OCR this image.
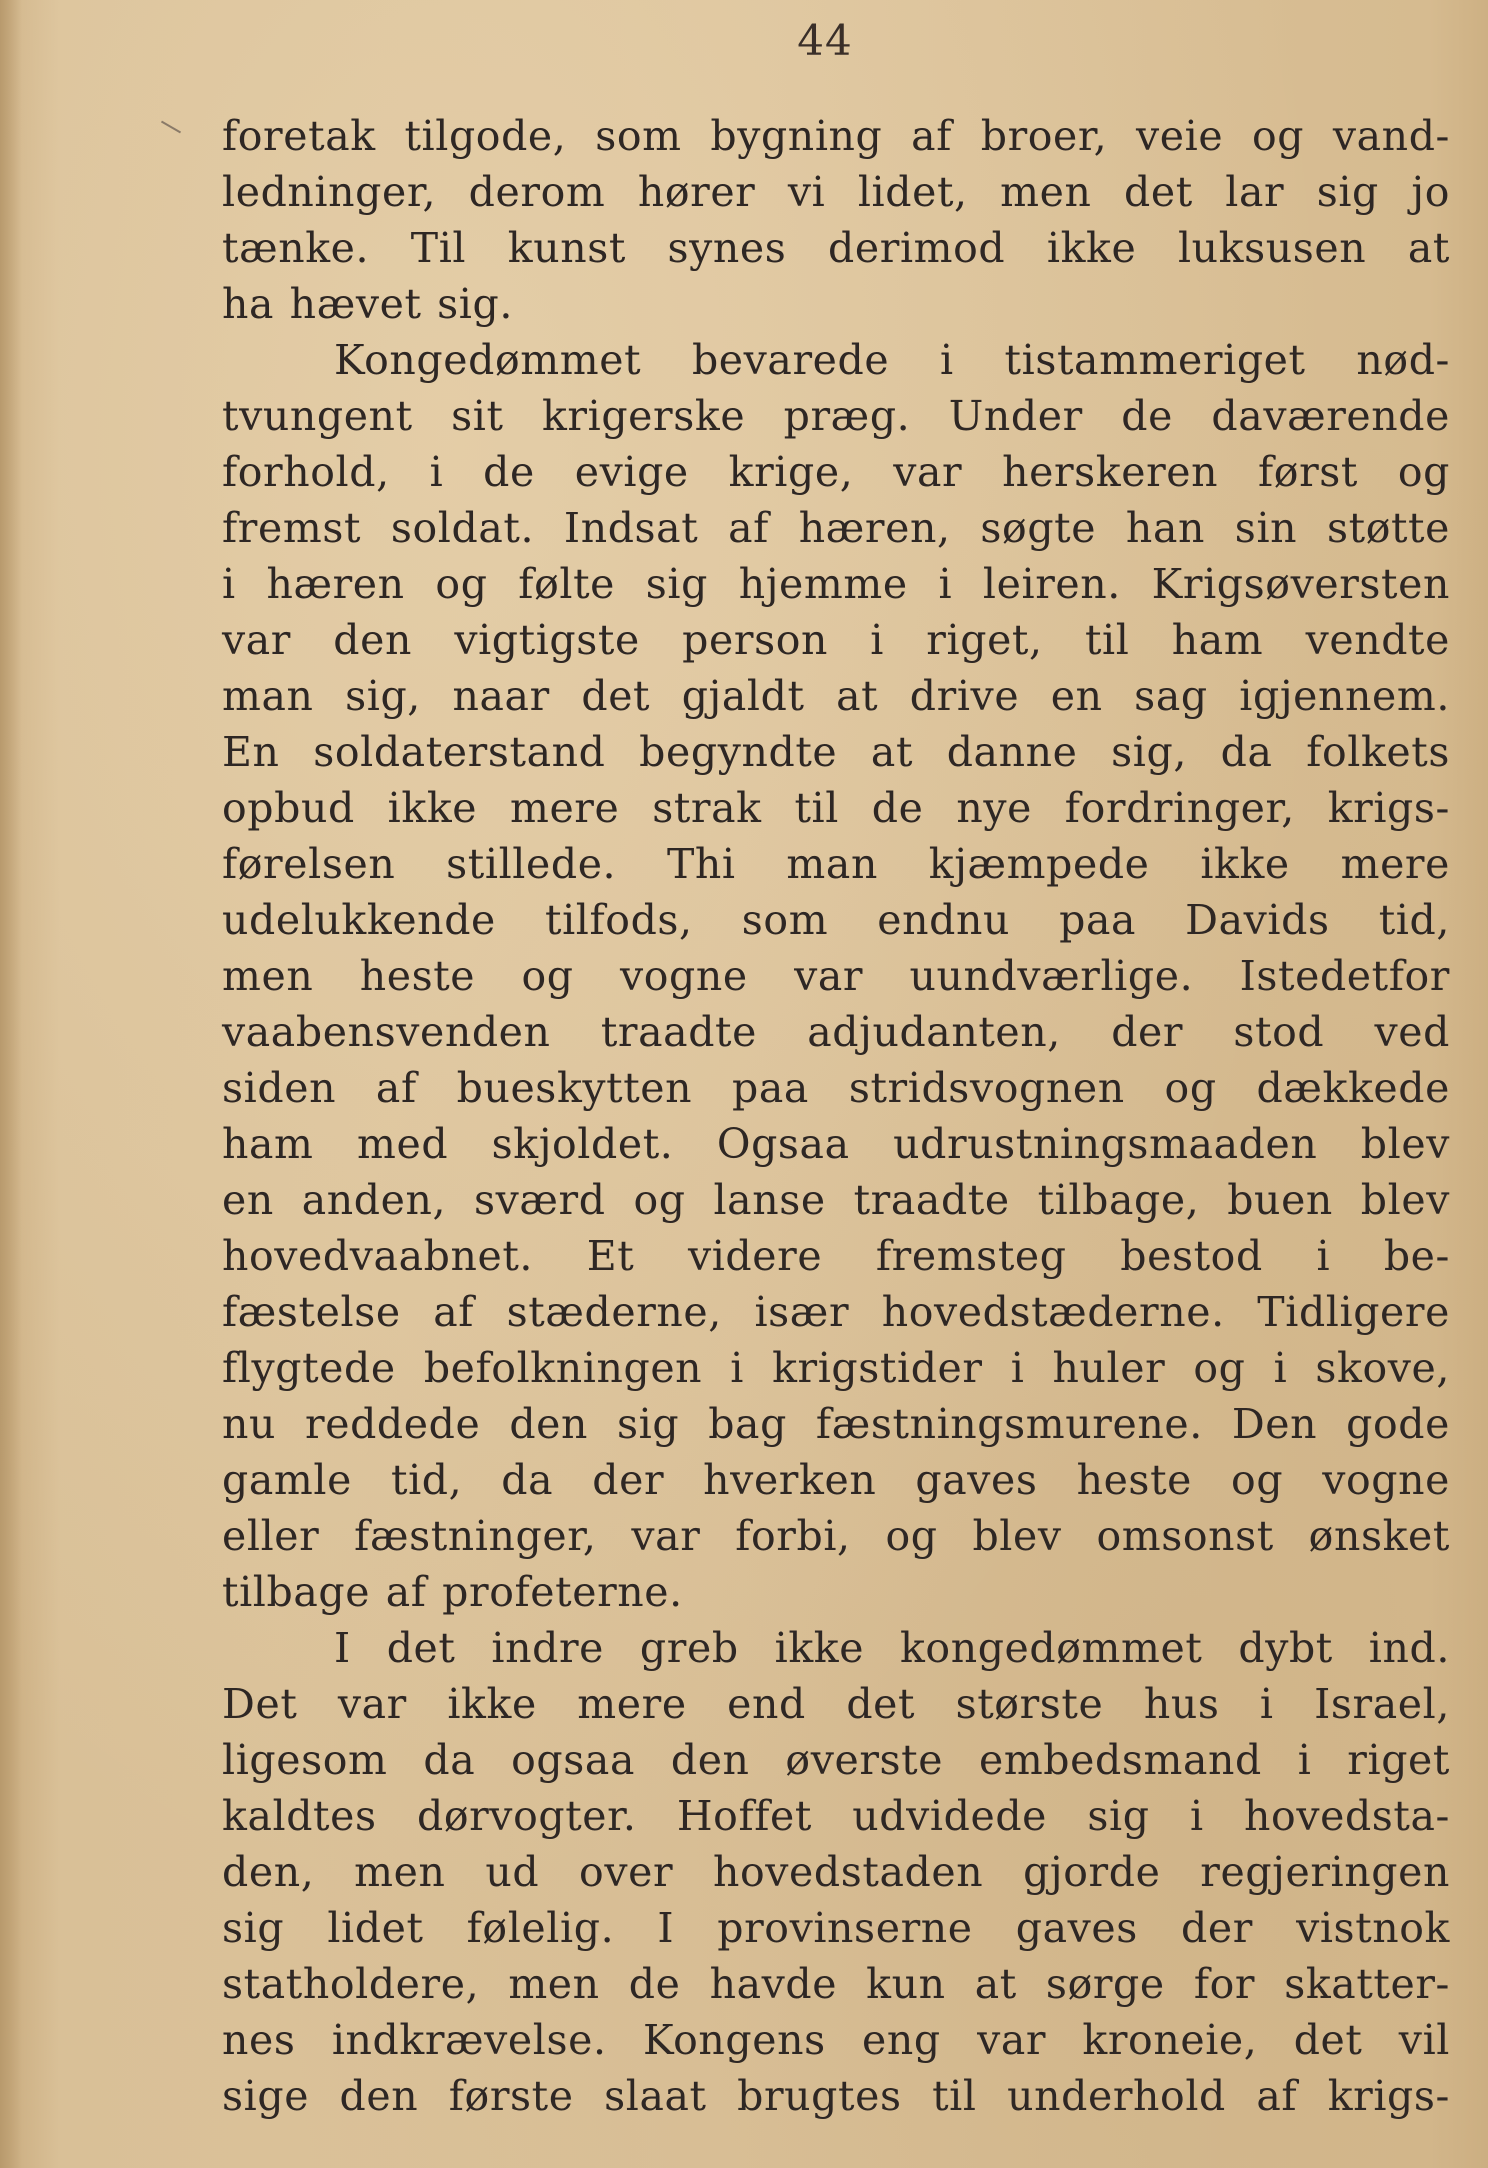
44
foretak tilgode, som bygning af broer, veie og vand-
ledninger, derom hører vi lidet, men det lar sig jo
tænke. Til kunst synes derimod ikke luksusen at
ha hævet sig.
Kongedømmet bevarede i tistammeriget nød-
tvungent sit krigerske præg. Under de daværende
forhold, i de evige krige, var herskeren først og
fremst soldat. Indsat af hæren, søgte han sin støtte
i hæren og følte sig hjemme i leiren. Krigsøversten
var den vigtigste person i riget, til ham vendte
man sig, naar det gjaldt at drive en sag igjennem.
En soldaterstand begyndte at danne sig, da folkets
opbud ikke mere strak til de nye fordringer, krigs-
førelsen stillede. Thi man kjæmpede ikke mere
udelukkende tilfods, som endnu paa Davids tid,
men heste og vogne var uundværlige. Istedetfor
vaabensvenden traadte adjudanten, der stod ved
siden af bueskytten paa stridsvognen og dækkede
ham med skjoldet. Ogsaa udrustningsmaaden blev
en anden, sværd og lanse traadte tilbage, buen blev
hovedvaabnet. Et videre fremsteg bestod i be-
fæstelse af stæderne, især hovedstæderne. Tidligere
flygtede befolkningen i krigstider i huler og i skove,
nu reddede den sig bag fæstningsmurene. Den gode
gamle tid, da der hverken gaves heste og vogne
eller fæstninger, var forbi, og blev omsonst ønsket
tilbage af profeterne.
I det indre greb ikke kongedømmet dybt ind.
Det var ikke mere end det største hus i Israel,
ligesom da ogsaa den øverste embedsmand i riget
kaldtes dørvogter. Hoffet udvidede sig i hovedsta-
den, men ud over hovedstaden gjorde regjeringen
sig lidet følelig. I provinserne gaves der vistnok
statholdere, men de havde kun at sørge for skatter-
nes indkrævelse. Kongens eng var kroneie, det vil
sige den første slaat brugtes til underhold af krigs-
